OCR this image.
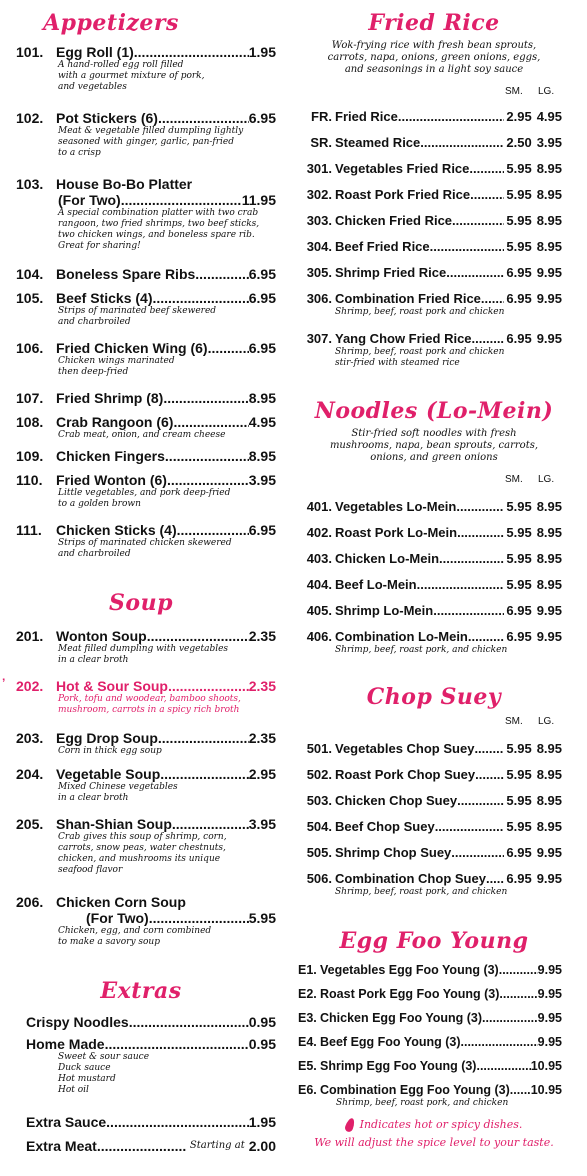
Appetizers
101. Egg Roll (1) .....	1.95
A hand-rolled egg roll filled
with a gourmet mixture of pork,
and vegetables
102. Pot Stickers (6) .....	6.95
Meat & vegetable filled dumpling lightly
seasoned with ginger, garlic, pan-fried
to a crisp
103. House Bo-Bo Platter
(For Two) .....	11.95
A special combination platter with two crab
rangoon, two fried shrimps, two beef sticks,
two chicken wings, and boneless spare rib.
Great for sharing!
104. Boneless Spare Ribs .....	6.95
105. Beef Sticks (4) .....	6.95
Strips of marinated beef skewered
and charbroiled
106. Fried Chicken Wing (6) .....	6.95
Chicken wings marinated
then deep-fried
107. Fried Shrimp (8) .....	8.95
108. Crab Rangoon (6) .....	4.95
Crab meat, onion, and cream cheese
109. Chicken Fingers .....	8.95
110. Fried Wonton (6) .....	3.95
Little vegetables, and pork deep-fried
to a golden brown
111.	Chicken Sticks (4) .....	6.95
Strips of marinated chicken skewered
and charbroiled
Soup
201. Wonton Soup .....	2.35
Meat filled dumpling with vegetables
in a clear broth
’ 202. Hot & Sour Soup .....	2.35
Pork, tofu and woodear, bamboo shoots,
mushroom, carrots in a spicy rich broth
203. Egg Drop Soup .....	2.35
Corn in thick egg soup
204. Vegetable Soup .....	2.95
Mixed Chinese vegetables
in a clear broth
205. Shan-Shian Soup .....	3.95
Crab gives this soup of shrimp, corn,
carrots, snow peas, water chestnuts,
chicken, and mushrooms its unique
seafood flavor
206. Chicken Corn Soup
(For Two) .....	5.95
Chicken, egg, and corn combined
to make a savory soup
Extras
Crispy Noodles .....	0.95
Home Made .....	0.95
Sweet & sour sauce
Duck sauce
Hot mustard
Hot oil
Extra Sauce .....	1.95
Extra Meat .....	Starting at 2.00
Fried Rice
Wok-frying rice with fresh bean sprouts,
carrots, napa, onions, green onions, eggs,
and seasonings in a light soy sauce
SM. LG.
FR. Fried Rice .....	2.95 4.95
SR. Steamed Rice .....	2.50 3.95
301. Vegetables Fried Rice .....	5.95 8.95
302. Roast Pork Fried Rice .....	5.95 8.95
303. Chicken Fried Rice .....	5.95 8.95
304. Beef Fried Rice .....	5.95 8.95
305. Shrimp Fried Rice .....	6.95 9.95
306. Combination Fried Rice ..... 6.95 9.95
Shrimp, beef, roast pork and chicken
307. Yang Chow Fried Rice .....	6.95 9.95
Shrimp, beef, roast pork and chicken
stir-fried with steamed rice
Noodles (Lo-Mein)
Stir-fried soft noodles with fresh
mushrooms, napa, bean sprouts, carrots,
onions, and green onions
SM. LG.
401. Vegetables Lo-Mein .....	5.95 8.95
402. Roast Pork Lo-Mein .....	5.95 8.95
403. Chicken Lo-Mein .....	5.95 8.95
404. Beef Lo-Mein .....	5.95 8.95
405. Shrimp Lo-Mein .....	6.95 9.95
406. Combination Lo-Mein .....	6.95 9.95
Shrimp, beef, roast pork, and chicken
Chop Suey
SM. LG.
501. Vegetables Chop Suey ..... 5.95 8.95
502. Roast Pork Chop Suey ..... 5.95 8.95
503. Chicken Chop Suey .....	5.95 8.95
504. Beef Chop Suey .....	5.95 8.95
505. Shrimp Chop Suey .....	6.95 9.95
506. Combination Chop Suey ..... 6.95 9.95
Shrimp, beef, roast pork, and chicken
Egg Foo Young
E1. Vegetables Egg Foo Young (3) .....	9.95
E2. Roast Pork Egg Foo Young (3) .....	9.95
E3. Chicken Egg Foo Young (3) .....	9.95
E4. Beef Egg Foo Young (3) .....	9.95
E5. Shrimp Egg Foo Young (3) .....	10.95
E6. Combination Egg Foo Young (3) ..... 10.95
Shrimp, beef, roast pork, and chicken
Indicates hot or spicy dishes.
We will adjust the spice level to your taste.
